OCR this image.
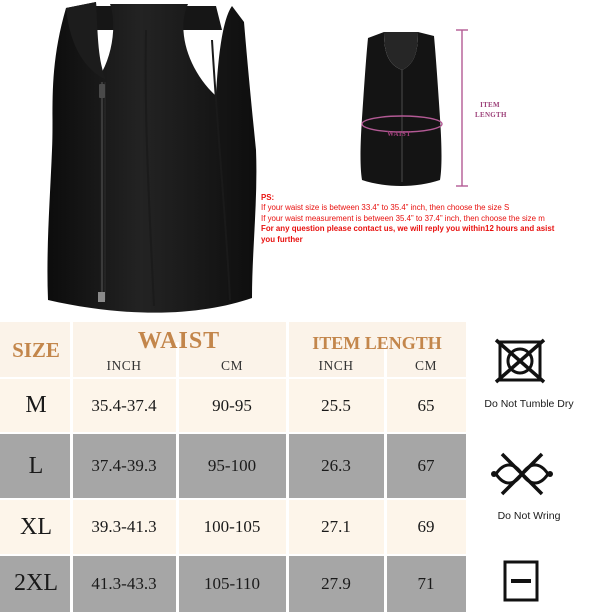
WAIST
ITEM
LENGTH
PS:
If your waist size is between 33.4” to 35.4” inch, then choose the size S
If your waist measurement is between 35.4” to 37.4” inch, then choose the size m
For any question please contact us, we will reply you within12 hours and asist
you further
SIZE	WAIST
INCH	CM
ITEM LENGTH
INCH	CM
M	35.4-37.4	90-95	25.5	65
L	37.4-39.3	95-100	26.3	67
XL	39.3-41.3	100-105	27.1	69
2XL	41.3-43.3	105-110	27.9	71
Do Not Tumble Dry
Do Not Wring
